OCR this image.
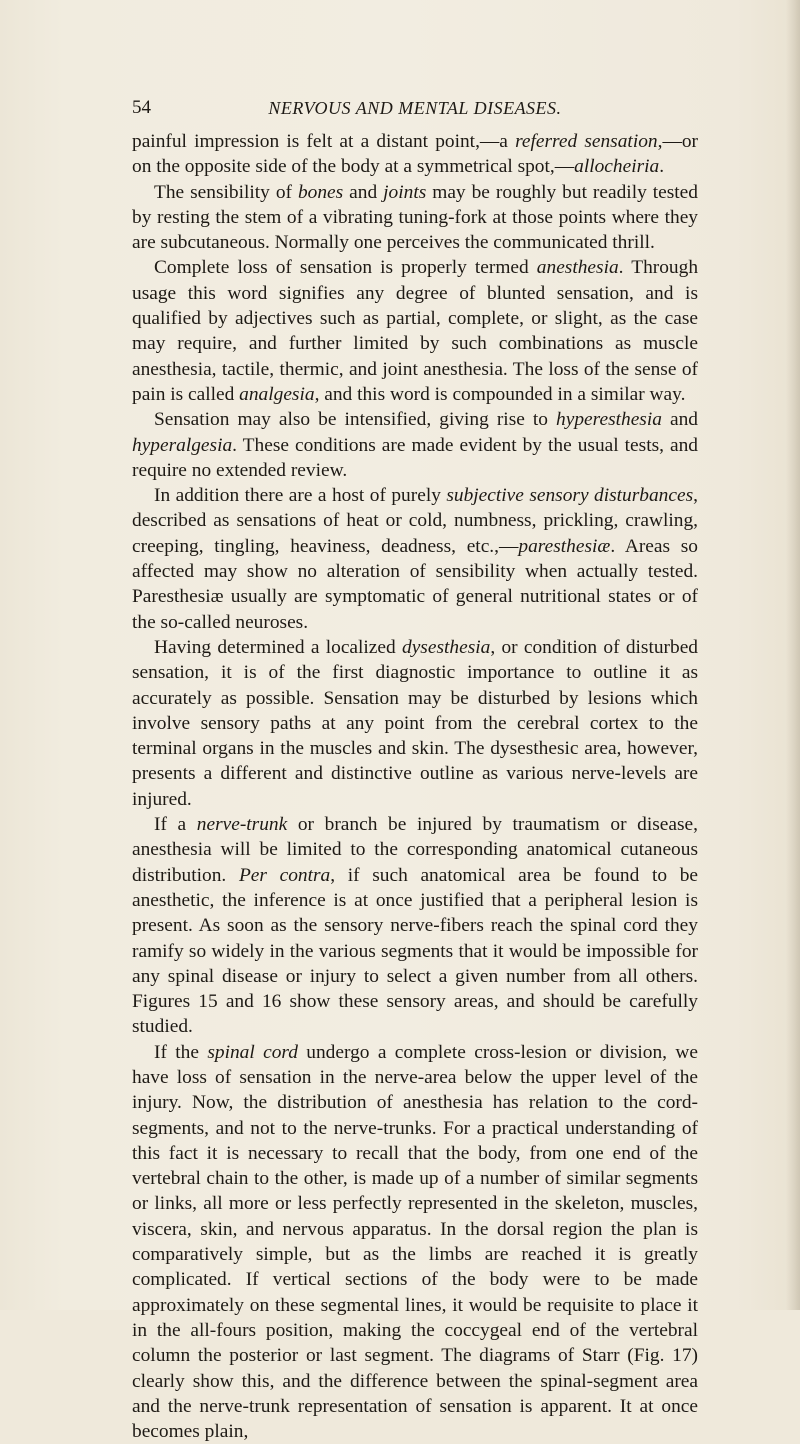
54	NERVOUS AND MENTAL DISEASES.

painful impression is felt at a distant point,—a referred sensation,—or on the opposite side of the body at a symmetrical spot,—allocheiria.

The sensibility of bones and joints may be roughly but readily tested by resting the stem of a vibrating tuning-fork at those points where they are subcutaneous. Normally one perceives the communicated thrill.

Complete loss of sensation is properly termed anesthesia. Through usage this word signifies any degree of blunted sensation, and is qualified by adjectives such as partial, complete, or slight, as the case may require, and further limited by such combinations as muscle anesthesia, tactile, thermic, and joint anesthesia. The loss of the sense of pain is called analgesia, and this word is compounded in a similar way.

Sensation may also be intensified, giving rise to hyperesthesia and hyperalgesia. These conditions are made evident by the usual tests, and require no extended review.

In addition there are a host of purely subjective sensory disturbances, described as sensations of heat or cold, numbness, prickling, crawling, creeping, tingling, heaviness, deadness, etc.,—paresthesiæ. Areas so affected may show no alteration of sensibility when actually tested. Paresthesiæ usually are symptomatic of general nutritional states or of the so-called neuroses.

Having determined a localized dysesthesia, or condition of disturbed sensation, it is of the first diagnostic importance to outline it as accurately as possible. Sensation may be disturbed by lesions which involve sensory paths at any point from the cerebral cortex to the terminal organs in the muscles and skin. The dysesthesic area, however, presents a different and distinctive outline as various nerve-levels are injured.

If a nerve-trunk or branch be injured by traumatism or disease, anesthesia will be limited to the corresponding anatomical cutaneous distribution. Per contra, if such anatomical area be found to be anesthetic, the inference is at once justified that a peripheral lesion is present. As soon as the sensory nerve-fibers reach the spinal cord they ramify so widely in the various segments that it would be impossible for any spinal disease or injury to select a given number from all others. Figures 15 and 16 show these sensory areas, and should be carefully studied.

If the spinal cord undergo a complete cross-lesion or division, we have loss of sensation in the nerve-area below the upper level of the injury. Now, the distribution of anesthesia has relation to the cord-segments, and not to the nerve-trunks. For a practical understanding of this fact it is necessary to recall that the body, from one end of the vertebral chain to the other, is made up of a number of similar segments or links, all more or less perfectly represented in the skeleton, muscles, viscera, skin, and nervous apparatus. In the dorsal region the plan is comparatively simple, but as the limbs are reached it is greatly complicated. If vertical sections of the body were to be made approximately on these segmental lines, it would be requisite to place it in the all-fours position, making the coccygeal end of the vertebral column the posterior or last segment. The diagrams of Starr (Fig. 17) clearly show this, and the difference between the spinal-segment area and the nerve-trunk representation of sensation is apparent. It at once becomes plain,
